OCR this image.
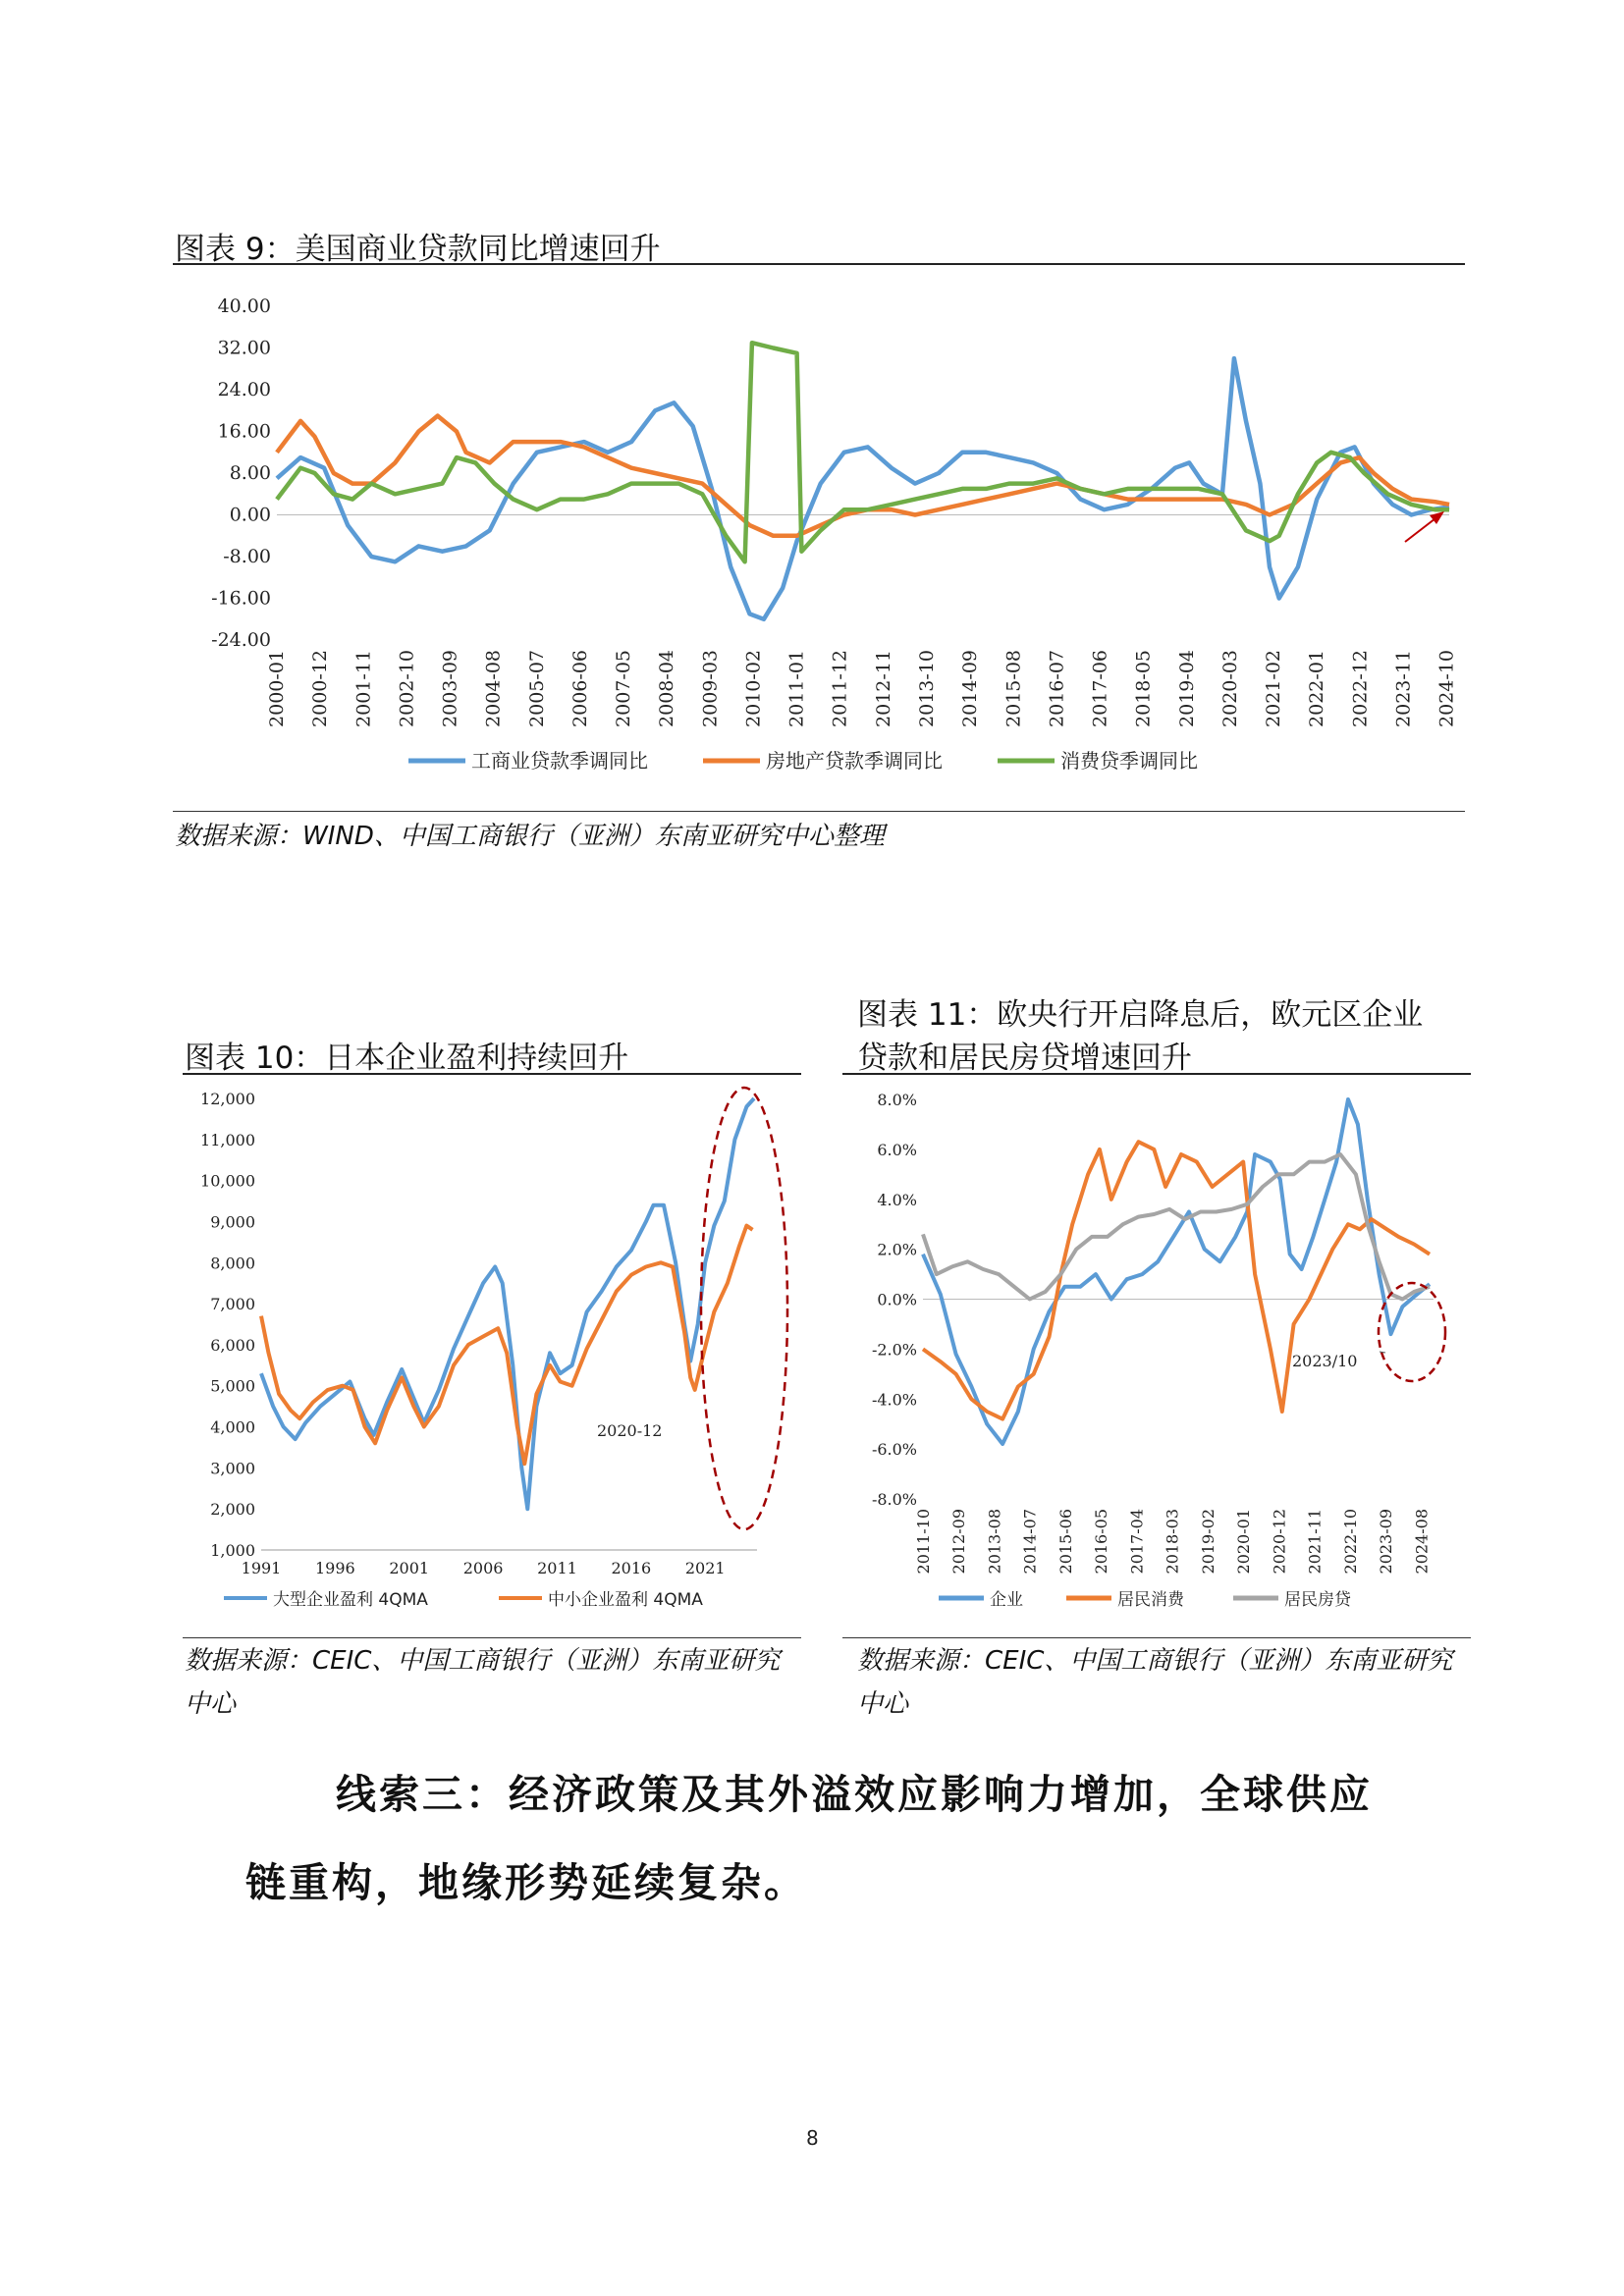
图表 9：美国商业贷款同比增速回升
40.00
32.00
24.00
16.00
8.00
0.00
-8.00
-16.00
-24.00
2000-01 2000-12 2001-11 2002-10 2003-09 2004-08 2005-07 2006-06 2007-05 2008-04 2009-03 2010-02 2011-01 2011-12 2012-11 2013-10 2014-09 2015-08 2016-07 2017-06 2018-05 2019-04 2020-03 2021-02 2022-01 2022-12 2023-11 2024-10
工商业贷款季调同比	房地产贷款季调同比	消费贷季调同比
数据来源：WIND、中国工商银行（亚洲）东南亚研究中心整理
图表 10：日本企业盈利持续回升
12,000
11,000
10,000
9,000
8,000
7,000
6,000
5,000
4,000
3,000
2,000
1,000
1991 1996 2001 2006 2011 2016 2021
2020-12
大型企业盈利 4QMA	中小企业盈利 4QMA
数据来源：CEIC、中国工商银行（亚洲）东南亚研究中心
图表 11：欧央行开启降息后，欧元区企业
贷款和居民房贷增速回升
8.0%
6.0%
4.0%
2.0%
0.0%
-2.0%
-4.0%
-6.0%
-8.0%
2011-10 2012-09 2013-08 2014-07 2015-06 2016-05 2017-04 2018-03 2019-02 2020-01 2020-12 2021-11 2022-10 2023-09 2024-08
2023/10
企业	居民消费	居民房贷
数据来源：CEIC、中国工商银行（亚洲）东南亚研究中心
线索三：经济政策及其外溢效应影响力增加，全球供应
链重构，地缘形势延续复杂。
8
